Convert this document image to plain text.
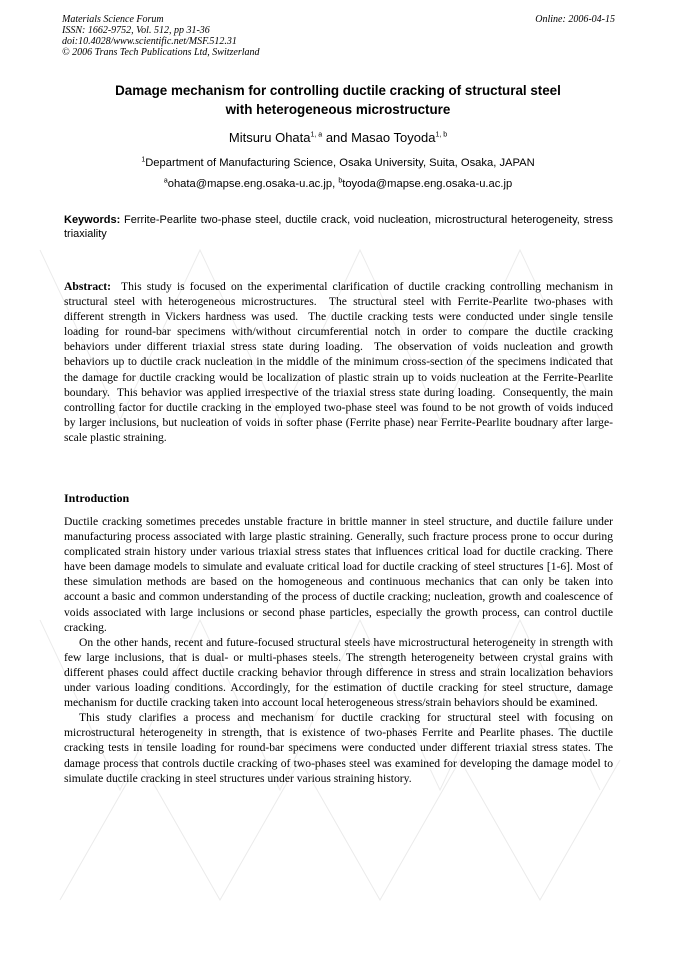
Materials Science Forum
ISSN: 1662-9752, Vol. 512, pp 31-36
doi:10.4028/www.scientific.net/MSF.512.31
© 2006 Trans Tech Publications Ltd, Switzerland
Online: 2006-04-15
Damage mechanism for controlling ductile cracking of structural steel
with heterogeneous microstructure
Mitsuru Ohata$^{1, a}$ and Masao Toyoda$^{1, b}$
$^1$Department of Manufacturing Science, Osaka University, Suita, Osaka, JAPAN
$^a$ohata@mapse.eng.osaka-u.ac.jp, $^b$toyoda@mapse.eng.osaka-u.ac.jp
Keywords: Ferrite-Pearlite two-phase steel, ductile crack, void nucleation, microstructural heterogeneity, stress triaxiality
Abstract:  This study is focused on the experimental clarification of ductile cracking controlling mechanism in structural steel with heterogeneous microstructures.  The structural steel with Ferrite-Pearlite two-phases with different strength in Vickers hardness was used.  The ductile cracking tests were conducted under single tensile loading for round-bar specimens with/without circumferential notch in order to compare the ductile cracking behaviors under different triaxial stress state during loading.  The observation of voids nucleation and growth behaviors up to ductile crack nucleation in the middle of the minimum cross-section of the specimens indicated that the damage for ductile cracking would be localization of plastic strain up to voids nucleation at the Ferrite-Pearlite boundary.  This behavior was applied irrespective of the triaxial stress state during loading.  Consequently, the main controlling factor for ductile cracking in the employed two-phase steel was found to be not growth of voids induced by larger inclusions, but nucleation of voids in softer phase (Ferrite phase) near Ferrite-Pearlite boudnary after large-scale plastic straining.
Introduction

Ductile cracking sometimes precedes unstable fracture in brittle manner in steel structure, and ductile failure under manufacturing process associated with large plastic straining. Generally, such fracture process prone to occur during complicated strain history under various triaxial stress states that influences critical load for ductile cracking. There have been damage models to simulate and evaluate critical load for ductile cracking of steel structures [1-6]. Most of these simulation methods are based on the homogeneous and continuous mechanics that can only be taken into account a basic and common understanding of the process of ductile cracking; nucleation, growth and coalescence of voids associated with large inclusions or second phase particles, especially the growth process, can control ductile cracking.

On the other hands, recent and future-focused structural steels have microstructural heterogeneity in strength with few large inclusions, that is dual- or multi-phases steels. The strength heterogeneity between crystal grains with different phases could affect ductile cracking behavior through difference in stress and strain localization behaviors under various loading conditions. Accordingly, for the estimation of ductile cracking for steel structure, damage mechanism for ductile cracking taken into account local heterogeneous stress/strain behaviors should be examined.

This study clarifies a process and mechanism for ductile cracking for structural steel with focusing on microstructural heterogeneity in strength, that is existence of two-phases Ferrite and Pearlite phases. The ductile cracking tests in tensile loading for round-bar specimens were conducted under different triaxial stress states. The damage process that controls ductile cracking of two-phases steel was examined for developing the damage model to simulate ductile cracking in steel structures under various straining history.
